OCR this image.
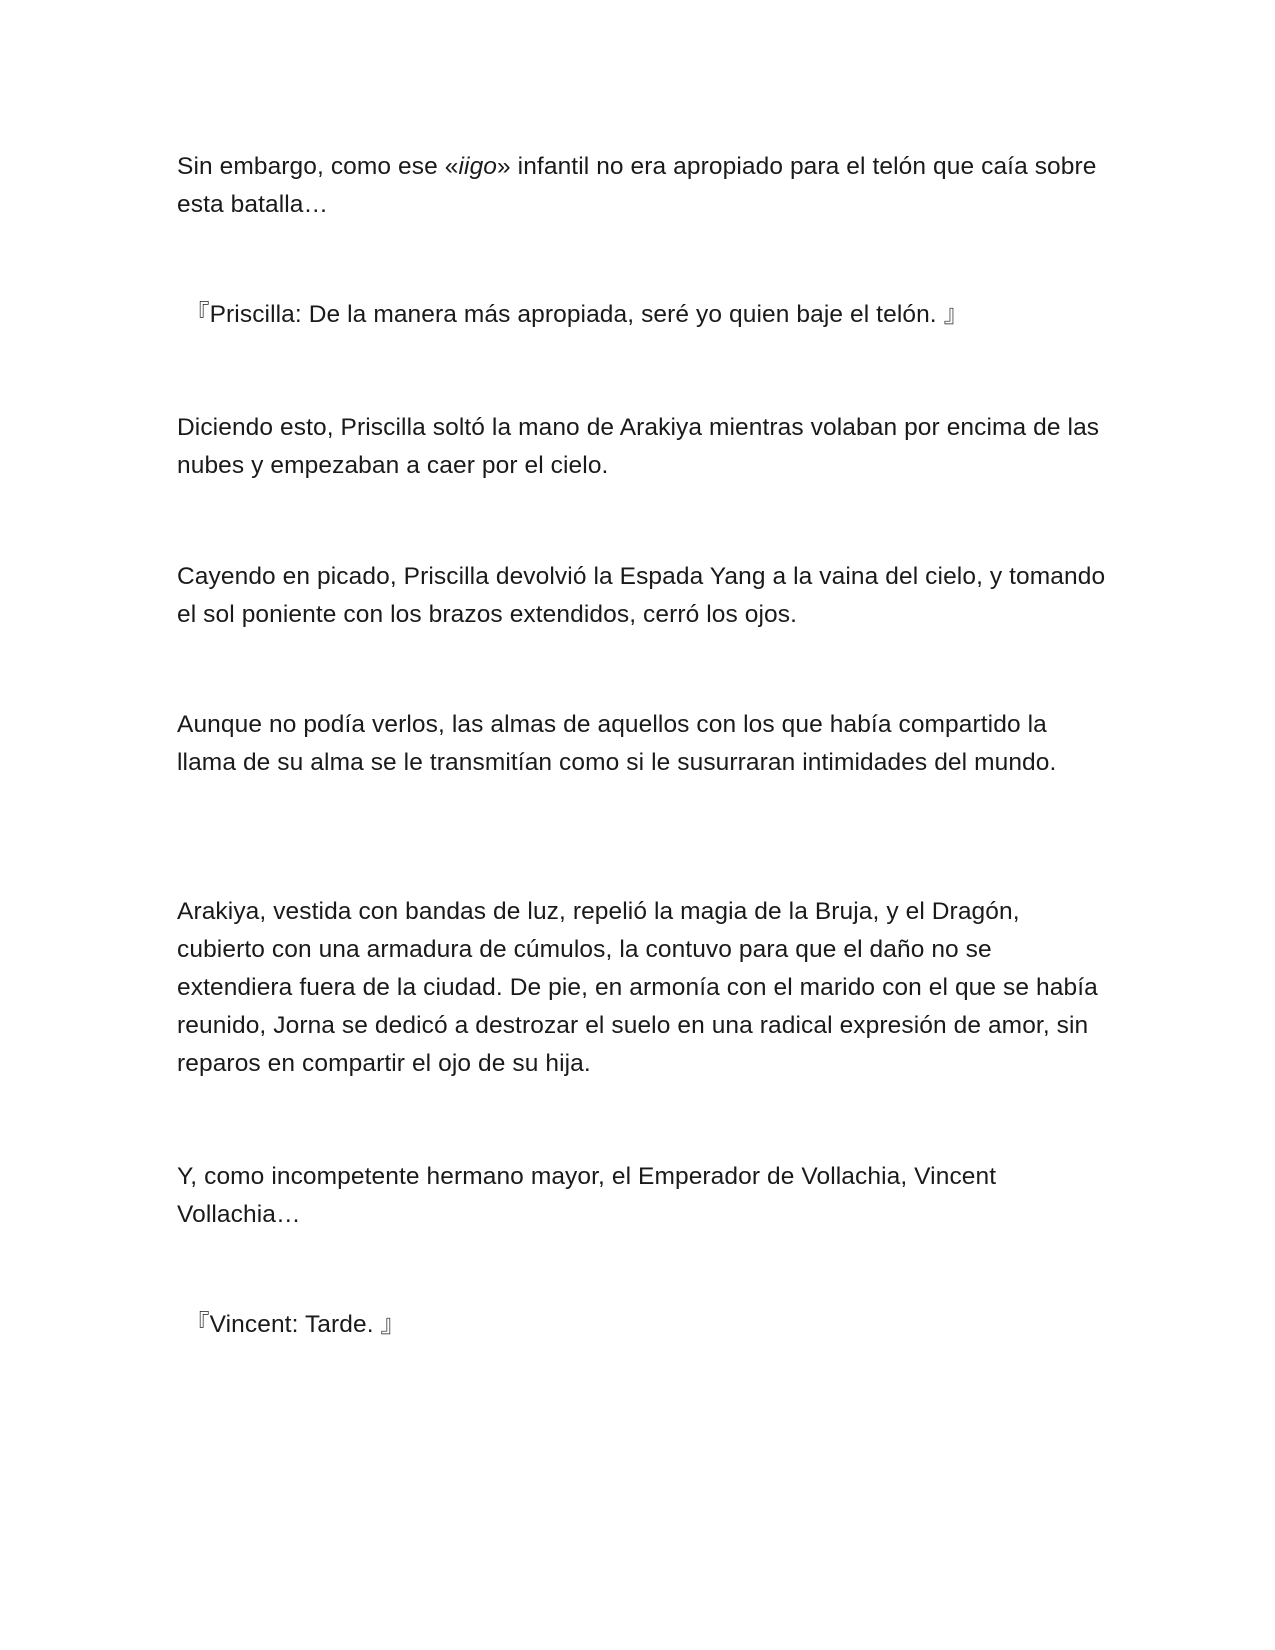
Sin embargo, como ese «iigo» infantil no era apropiado para el telón que caía sobre esta batalla…

『Priscilla: De la manera más apropiada, seré yo quien baje el telón. 』

Diciendo esto, Priscilla soltó la mano de Arakiya mientras volaban por encima de las nubes y empezaban a caer por el cielo.

Cayendo en picado, Priscilla devolvió la Espada Yang a la vaina del cielo, y tomando el sol poniente con los brazos extendidos, cerró los ojos.

Aunque no podía verlos, las almas de aquellos con los que había compartido la llama de su alma se le transmitían como si le susurraran intimidades del mundo.

Arakiya, vestida con bandas de luz, repelió la magia de la Bruja, y el Dragón, cubierto con una armadura de cúmulos, la contuvo para que el daño no se extendiera fuera de la ciudad. De pie, en armonía con el marido con el que se había reunido, Jorna se dedicó a destrozar el suelo en una radical expresión de amor, sin reparos en compartir el ojo de su hija.

Y, como incompetente hermano mayor, el Emperador de Vollachia, Vincent Vollachia…

『Vincent: Tarde. 』
